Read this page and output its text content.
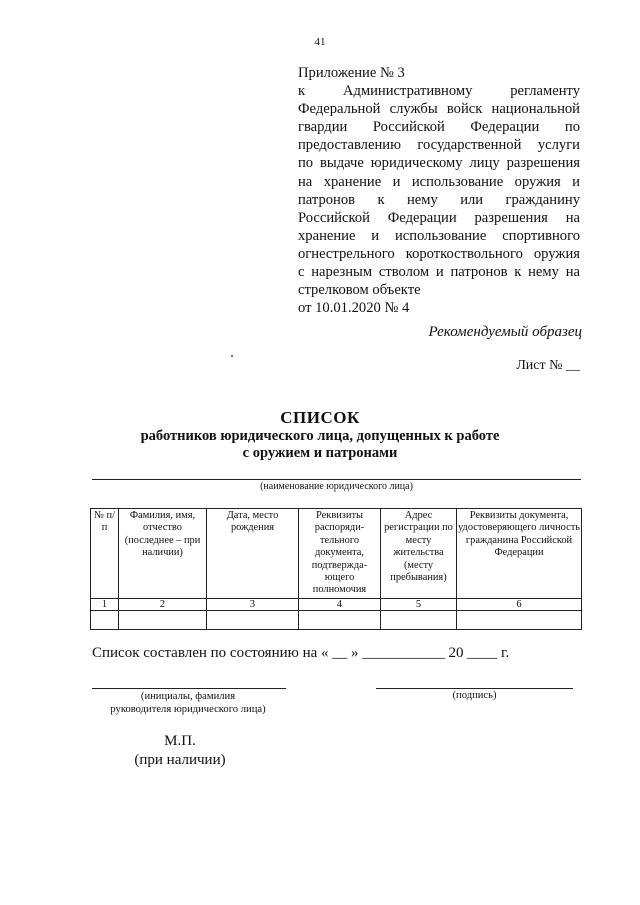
41
Приложение № 3
к Административному регламенту
Федеральной службы войск национальной
гвардии Российской Федерации по
предоставлению государственной услуги
по выдаче юридическому лицу разрешения
на хранение и использование оружия и
патронов к нему или гражданину
Российской Федерации разрешения на
хранение и использование спортивного
огнестрельного короткоствольного оружия
с нарезным стволом и патронов к нему на
стрелковом объекте
от 10.01.2020 № 4
Рекомендуемый образец
Лист № __
СПИСОК
работников юридического лица, допущенных к работе
с оружием и патронами
(наименование юридического лица)
№ п/п	Фамилия, имя, отчество (последнее – при наличии)	Дата, место рождения	Реквизиты распоряди-тельного документа, подтвержда-ющего полномочия	Адрес регистрации по месту жительства (месту пребывания)	Реквизиты документа, удостоверяющего личность гражданина Российской Федерации
1	2	3	4	5	6

Список составлен по состоянию на « __ » ___________ 20 ____ г.
(инициалы, фамилия
руководителя юридического лица)
(подпись)
М.П.
(при наличии)
